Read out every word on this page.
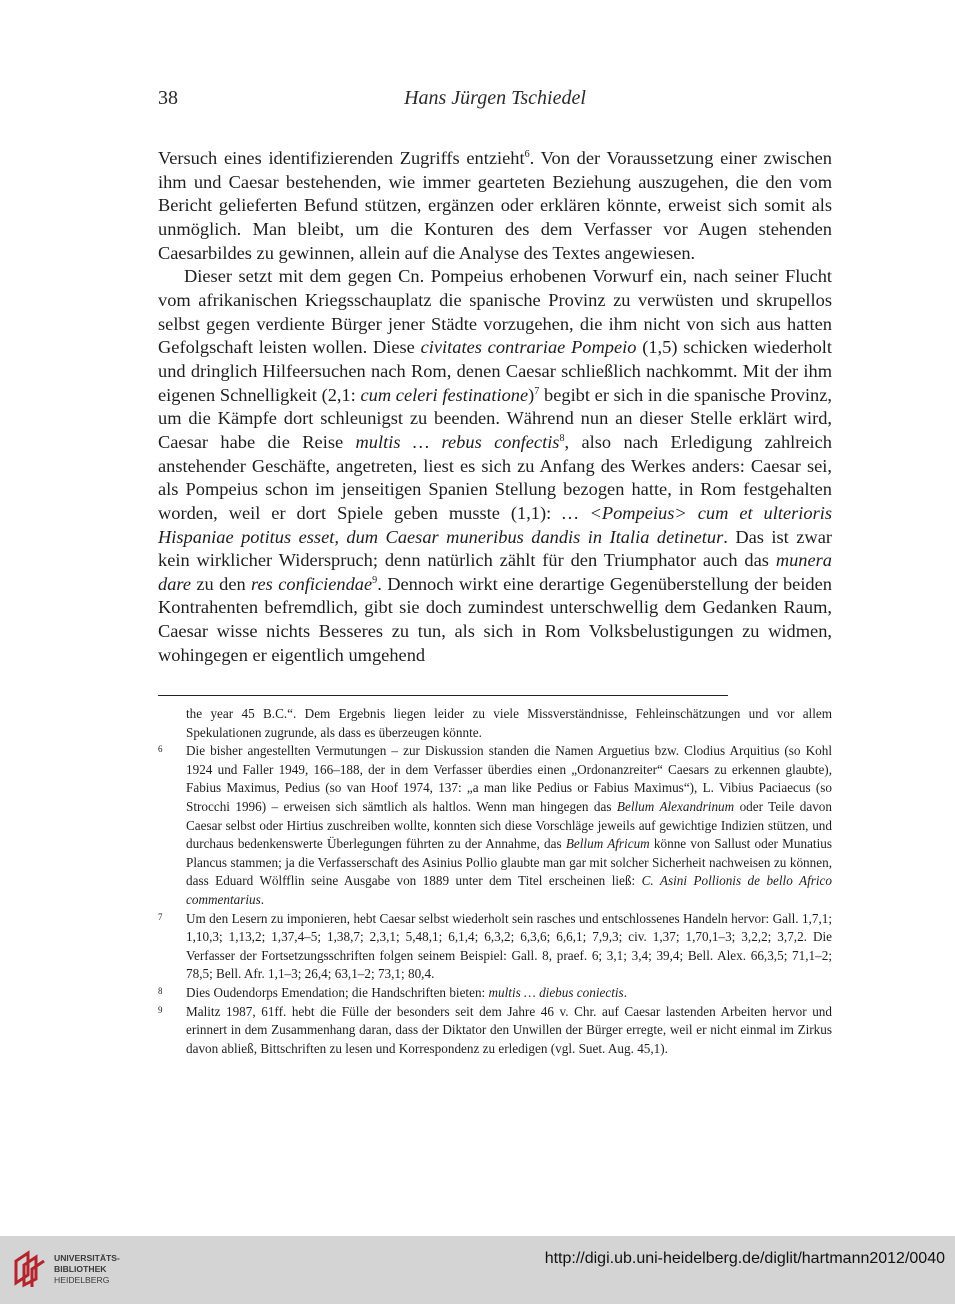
38	Hans Jürgen Tschiedel

Versuch eines identifizierenden Zugriffs entzieht$^6$. Von der Voraussetzung einer zwischen ihm und Caesar bestehenden, wie immer gearteten Beziehung auszugehen, die den vom Bericht gelieferten Befund stützen, ergänzen oder erklären könnte, erweist sich somit als unmöglich. Man bleibt, um die Konturen des dem Verfasser vor Augen stehenden Caesarbildes zu gewinnen, allein auf die Analyse des Textes angewiesen.

Dieser setzt mit dem gegen Cn. Pompeius erhobenen Vorwurf ein, nach seiner Flucht vom afrikanischen Kriegsschauplatz die spanische Provinz zu verwüsten und skrupellos selbst gegen verdiente Bürger jener Städte vorzugehen, die ihm nicht von sich aus hatten Gefolgschaft leisten wollen. Diese civitates contrariae Pompeio (1,5) schicken wiederholt und dringlich Hilfeersuchen nach Rom, denen Caesar schließlich nachkommt. Mit der ihm eigenen Schnelligkeit (2,1: cum celeri festinatione)$^7$ begibt er sich in die spanische Provinz, um die Kämpfe dort schleunigst zu beenden. Während nun an dieser Stelle erklärt wird, Caesar habe die Reise multis … rebus confectis$^8$, also nach Erledigung zahlreich anstehender Geschäfte, angetreten, liest es sich zu Anfang des Werkes anders: Caesar sei, als Pompeius schon im jenseitigen Spanien Stellung bezogen hatte, in Rom festgehalten worden, weil er dort Spiele geben musste (1,1): … <Pompeius> cum et ulterioris Hispaniae potitus esset, dum Caesar muneribus dandis in Italia detinetur. Das ist zwar kein wirklicher Widerspruch; denn natürlich zählt für den Triumphator auch das munera dare zu den res conficiendae$^9$. Dennoch wirkt eine derartige Gegenüberstellung der beiden Kontrahenten befremdlich, gibt sie doch zumindest unterschwellig dem Gedanken Raum, Caesar wisse nichts Besseres zu tun, als sich in Rom Volksbelustigungen zu widmen, wohingegen er eigentlich umgehend

the year 45 B.C.“. Dem Ergebnis liegen leider zu viele Missverständnisse, Fehleinschätzungen und vor allem Spekulationen zugrunde, als dass es überzeugen könnte.

6 Die bisher angestellten Vermutungen – zur Diskussion standen die Namen Arguetius bzw. Clodius Arquitius (so Kohl 1924 und Faller 1949, 166–188, der in dem Verfasser überdies einen „Ordonanzreiter“ Caesars zu erkennen glaubte), Fabius Maximus, Pedius (so van Hoof 1974, 137: „a man like Pedius or Fabius Maximus“), L. Vibius Paciaecus (so Strocchi 1996) – erweisen sich sämtlich als haltlos. Wenn man hingegen das Bellum Alexandrinum oder Teile davon Caesar selbst oder Hirtius zuschreiben wollte, konnten sich diese Vorschläge jeweils auf gewichtige Indizien stützen, und durchaus bedenkenswerte Überlegungen führten zu der Annahme, das Bellum Africum könne von Sallust oder Munatius Plancus stammen; ja die Verfasserschaft des Asinius Pollio glaubte man gar mit solcher Sicherheit nachweisen zu können, dass Eduard Wölfflin seine Ausgabe von 1889 unter dem Titel erscheinen ließ: C. Asini Pollionis de bello Africo commentarius.

7 Um den Lesern zu imponieren, hebt Caesar selbst wiederholt sein rasches und entschlossenes Handeln hervor: Gall. 1,7,1; 1,10,3; 1,13,2; 1,37,4–5; 1,38,7; 2,3,1; 5,48,1; 6,1,4; 6,3,2; 6,3,6; 6,6,1; 7,9,3; civ. 1,37; 1,70,1–3; 3,2,2; 3,7,2. Die Verfasser der Fortsetzungsschriften folgen seinem Beispiel: Gall. 8, praef. 6; 3,1; 3,4; 39,4; Bell. Alex. 66,3,5; 71,1–2; 78,5; Bell. Afr. 1,1–3; 26,4; 63,1–2; 73,1; 80,4.

8 Dies Oudendorps Emendation; die Handschriften bieten: multis … diebus coniectis.

9 Malitz 1987, 61ff. hebt die Fülle der besonders seit dem Jahre 46 v. Chr. auf Caesar lastenden Arbeiten hervor und erinnert in dem Zusammenhang daran, dass der Diktator den Unwillen der Bürger erregte, weil er nicht einmal im Zirkus davon abließ, Bittschriften zu lesen und Korrespondenz zu erledigen (vgl. Suet. Aug. 45,1).

UNIVERSITÄTS-
BIBLIOTHEK
HEIDELBERG
http://digi.ub.uni-heidelberg.de/diglit/hartmann2012/0040
